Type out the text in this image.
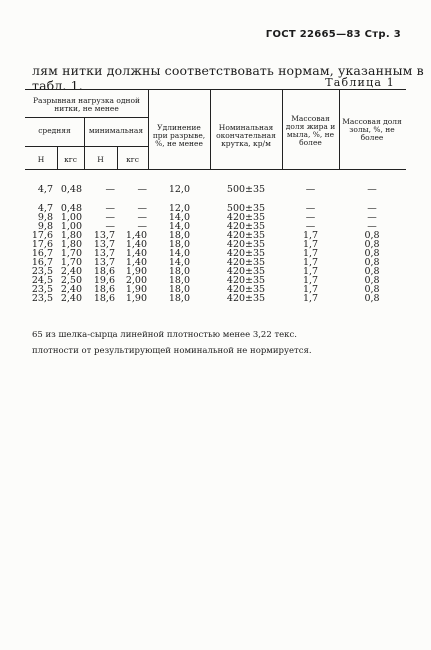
ГОСТ 22665—83 Стр. 3
лям нитки должны соответствовать нормам, указанным в табл. 1.	Таблица 1
Разрывная нагрузка одной нитки, не менее
средняя	минимальная
Н	кгс	Н	кгс
Удлинение при разрыве, %, не менее
Номинальная окончательная крутка, кр/м
Массовая доля жира и мыла, %, не более
Массовая доля золы, %, не более
4,7 0,48	—	—	12,0	500±35	—	—
4,7 0,48	—	—	12,0	500±35	—	—
9,8 1,00	—	—	14,0	420±35	—	—
9,8 1,00	—	—	14,0	420±35	—	—
17,6 1,80	13,7	1,40	18,0	420±35	1,7	0,8
17,6 1,80	13,7	1,40	18,0	420±35	1,7	0,8
16,7 1,70	13,7	1,40	14,0	420±35	1,7	0,8
16,7 1,70	13,7	1,40	14,0	420±35	1,7	0,8
23,5 2,40	18,6	1,90	18,0	420±35	1,7	0,8
24,5 2,50	19,6	2,00	18,0	420±35	1,7	0,8
23,5 2,40	18,6	1,90	18,0	420±35	1,7	0,8
23,5 2,40	18,6	1,90	18,0	420±35	1,7	0,8
65 из шелка-сырца линейной плотностью менее 3,22 текс.
плотности от результирующей номинальной не нормируется.
